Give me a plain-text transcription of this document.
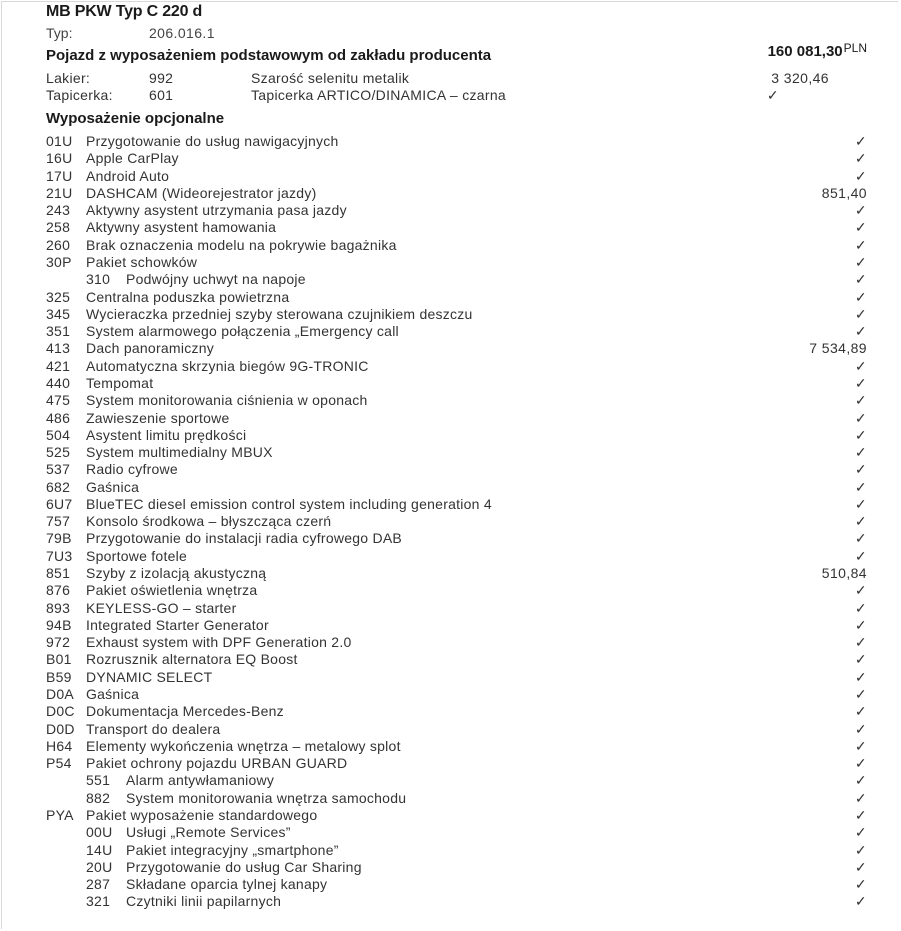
MB PKW Typ C 220 d
Typ:	206.016.1
Pojazd z wyposażeniem podstawowym od zakładu producenta	160 $081,30^{PLN}$
Lakier:	992	Szarość selenitu metalik	3 320,46
Tapicerka:	601	Tapicerka ARTICO/DINAMICA – czarna	✓
Wyposażenie opcjonalne
01U Przygotowanie do usług nawigacyjnych	✓
16U Apple CarPlay	✓
17U Android Auto	✓
21U DASHCAM (Wideorejestrator jazdy)	851,40
243 Aktywny asystent utrzymania pasa jazdy	✓
258 Aktywny asystent hamowania	✓
260 Brak oznaczenia modelu na pokrywie bagażnika	✓
30P Pakiet schowków	✓
310 Podwójny uchwyt na napoje	✓
325 Centralna poduszka powietrzna	✓
345 Wycieraczka przedniej szyby sterowana czujnikiem deszczu	✓
351 System alarmowego połączenia „Emergency call	✓
413 Dach panoramiczny	7 534,89
421 Automatyczna skrzynia biegów 9G-TRONIC	✓
440 Tempomat	✓
475 System monitorowania ciśnienia w oponach	✓
486 Zawieszenie sportowe	✓
504 Asystent limitu prędkości	✓
525 System multimedialny MBUX	✓
537 Radio cyfrowe	✓
682 Gaśnica	✓
6U7 BlueTEC diesel emission control system including generation 4	✓
757 Konsolo środkowa – błyszcząca czerń	✓
79B Przygotowanie do instalacji radia cyfrowego DAB	✓
7U3 Sportowe fotele	✓
851 Szyby z izolacją akustyczną	510,84
876 Pakiet oświetlenia wnętrza	✓
893 KEYLESS-GO – starter	✓
94B Integrated Starter Generator	✓
972 Exhaust system with DPF Generation 2.0	✓
B01 Rozrusznik alternatora EQ Boost	✓
B59 DYNAMIC SELECT	✓
D0A Gaśnica	✓
D0C Dokumentacja Mercedes-Benz	✓
D0D Transport do dealera	✓
H64 Elementy wykończenia wnętrza – metalowy splot	✓
P54 Pakiet ochrony pojazdu URBAN GUARD	✓
551 Alarm antywłamaniowy	✓
882 System monitorowania wnętrza samochodu	✓
PYA Pakiet wyposażenie standardowego	✓
00U Usługi „Remote Services”	✓
14U Pakiet integracyjny „smartphone”	✓
20U Przygotowanie do usług Car Sharing	✓
287 Składane oparcia tylnej kanapy	✓
321 Czytniki linii papilarnych	✓
